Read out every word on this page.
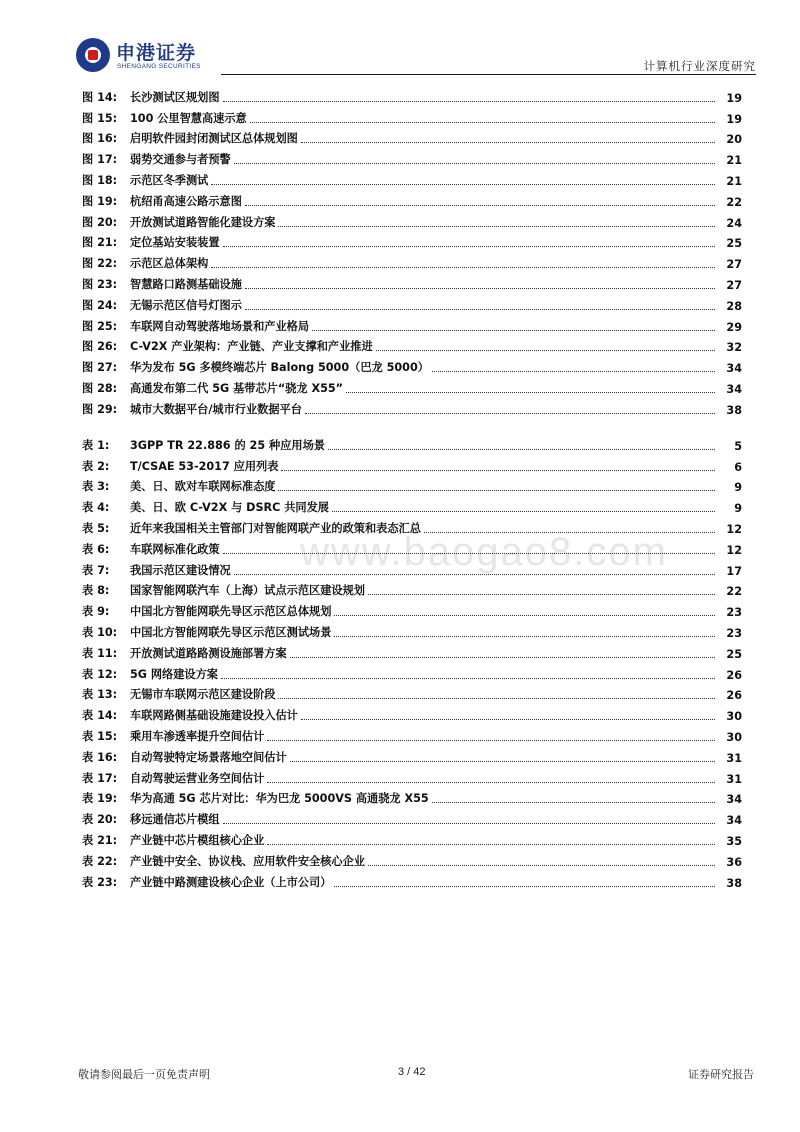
申港证券
SHENGANG SECURITIES	计算机行业深度研究
www.baogao8.com
图 14:	长沙测试区规划图	19
图 15:	100 公里智慧高速示意	19
图 16:	启明软件园封闭测试区总体规划图	20
图 17:	弱势交通参与者预警	21
图 18:	示范区冬季测试	21
图 19:	杭绍甬高速公路示意图	22
图 20:	开放测试道路智能化建设方案	24
图 21:	定位基站安装装置	25
图 22:	示范区总体架构	27
图 23:	智慧路口路测基础设施	27
图 24:	无锡示范区信号灯图示	28
图 25:	车联网自动驾驶落地场景和产业格局	29
图 26:	C-V2X 产业架构：产业链、产业支撑和产业推进	32
图 27:	华为发布 5G 多模终端芯片 Balong 5000（巴龙 5000）	34
图 28:	高通发布第二代 5G 基带芯片“骁龙 X55”	34
图 29:	城市大数据平台/城市行业数据平台	38
表 1:	3GPP TR 22.886 的 25 种应用场景	5
表 2:	T/CSAE 53-2017 应用列表	6
表 3:	美、日、欧对车联网标准态度	9
表 4:	美、日、欧 C-V2X 与 DSRC 共同发展	9
表 5:	近年来我国相关主管部门对智能网联产业的政策和表态汇总	12
表 6:	车联网标准化政策	12
表 7:	我国示范区建设情况	17
表 8:	国家智能网联汽车（上海）试点示范区建设规划	22
表 9:	中国北方智能网联先导区示范区总体规划	23
表 10:	中国北方智能网联先导区示范区测试场景	23
表 11:	开放测试道路路测设施部署方案	25
表 12:	5G 网络建设方案	26
表 13:	无锡市车联网示范区建设阶段	26
表 14:	车联网路侧基础设施建设投入估计	30
表 15:	乘用车渗透率提升空间估计	30
表 16:	自动驾驶特定场景落地空间估计	31
表 17:	自动驾驶运营业务空间估计	31
表 19:	华为高通 5G 芯片对比：华为巴龙 5000VS 高通骁龙 X55	34
表 20:	移远通信芯片模组	34
表 21:	产业链中芯片模组核心企业	35
表 22:	产业链中安全、协议栈、应用软件安全核心企业	36
表 23:	产业链中路测建设核心企业（上市公司）	38
敬请参阅最后一页免责声明	3 / 42	证券研究报告
